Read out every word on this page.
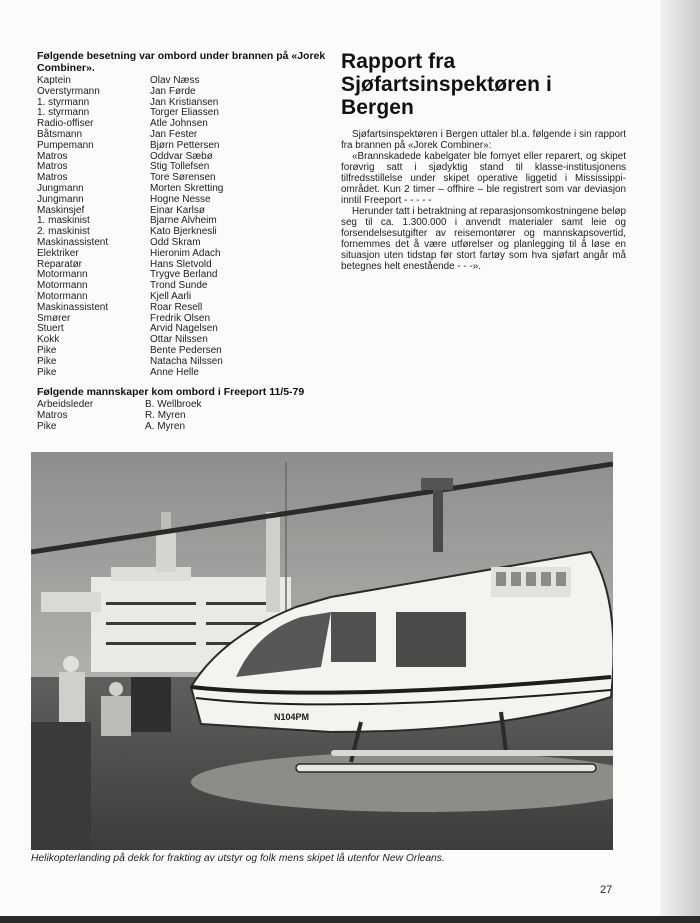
Følgende besetning var ombord under brannen på «Jorek Combiner».

Kaptein	Olav Næss
Overstyrmann	Jan Førde
1. styrmann	Jan Kristiansen
1. styrmann	Torger Eliassen
Radio-offiser	Atle Johnsen
Båtsmann	Jan Fester
Pumpemann	Bjørn Pettersen
Matros	Oddvar Sæbø
Matros	Stig Tollefsen
Matros	Tore Sørensen
Jungmann	Morten Skretting
Jungmann	Hogne Nesse
Maskinsjef	Einar Karlsø
1. maskinist	Bjarne Alvheim
2. maskinist	Kato Bjerknesli
Maskinassistent	Odd Skram
Elektriker	Hieronim Adach
Reparatør	Hans Sletvold
Motormann	Trygve Berland
Motormann	Trond Sunde
Motormann	Kjell Aarli
Maskinassistent	Roar Resell
Smører	Fredrik Olsen
Stuert	Arvid Nagelsen
Kokk	Ottar Nilssen
Pike	Bente Pedersen
Pike	Natacha Nilssen
Pike	Anne Helle

Følgende mannskaper kom ombord i Freeport 11/5-79

Arbeidsleder	B. Wellbroek
Matros	R. Myren
Pike	A. Myren
Rapport fra
Sjøfartsinspektøren i Bergen

Sjøfartsinspektøren i Bergen uttaler bl.a. følgende i sin rapport fra brannen på «Jorek Combiner»:

«Brannskadede kabelgater ble fornyet eller reparert, og skipet forøvrig satt i sjødyktig stand til klasse-institusjonens tilfredsstillelse under skipet operative liggetid i Mississippi-området. Kun 2 timer – offhire – ble registrert som var deviasjon inntil Freeport - - - - -

Herunder tatt i betraktning at reparasjonsomkostningene beløp seg til ca. 1.300.000 i anvendt materialer samt leie og forsendelsesutgifter av reisemontører og mannskapsovertid, fornemmes det å være utførelser og planlegging til å løse en situasjon uten tidstap før stort fartøy som hva sjøfart angår må betegnes helt enestående - - -».

N104PM

Helikopterlanding på dekk for frakting av utstyr og folk mens skipet lå utenfor New Orleans.

27
